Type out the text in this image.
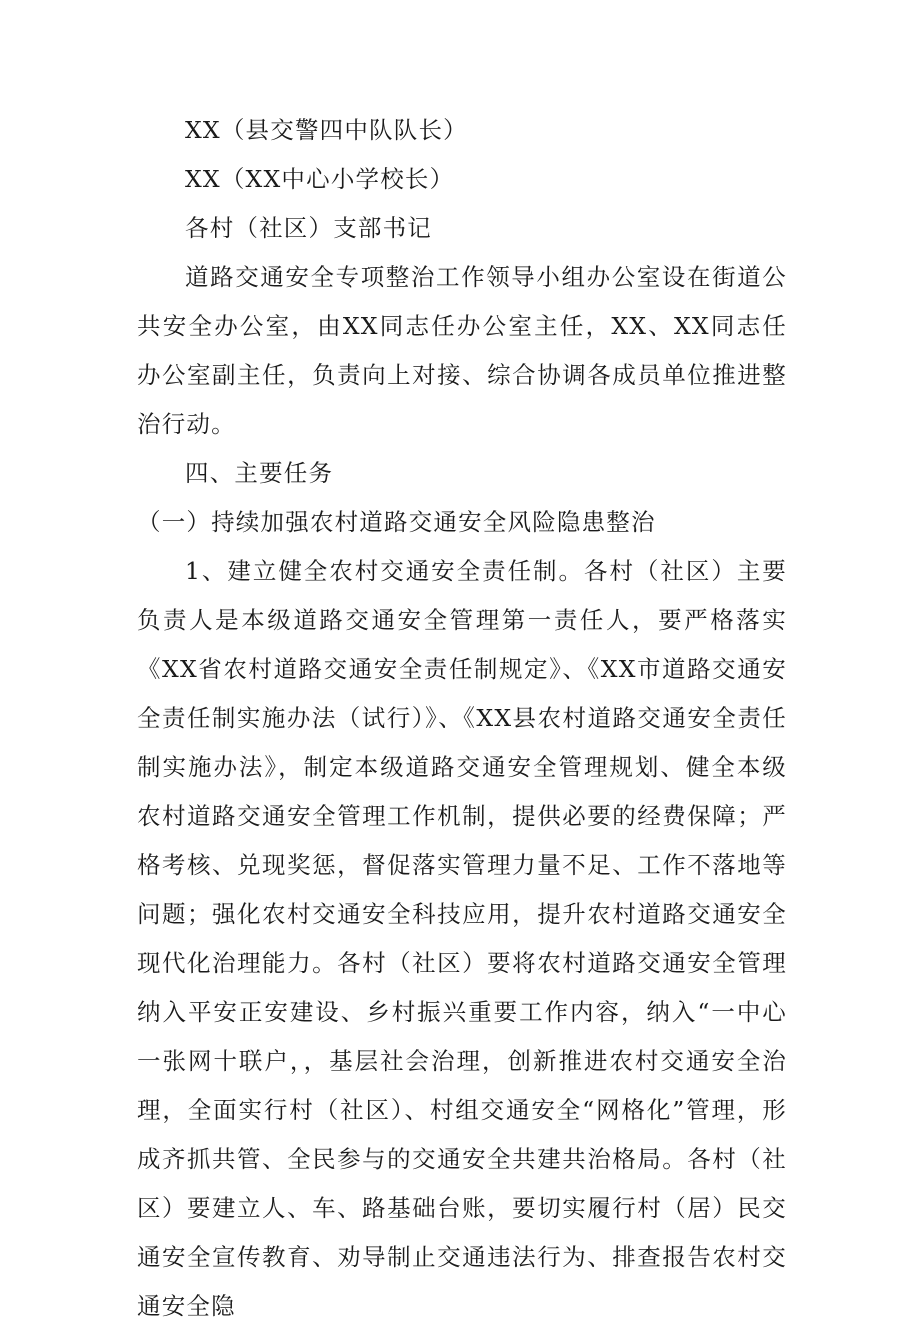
XX（县交警四中队队长）

XX（XX中心小学校长）

各村（社区）支部书记

道路交通安全专项整治工作领导小组办公室设在街道公共安全办公室，由XX同志任办公室主任，XX、XX同志任办公室副主任，负责向上对接、综合协调各成员单位推进整治行动。

四、主要任务

（一）持续加强农村道路交通安全风险隐患整治

1、建立健全农村交通安全责任制。各村（社区）主要负责人是本级道路交通安全管理第一责任人，要严格落实《XX省农村道路交通安全责任制规定》、《XX市道路交通安全责任制实施办法（试行）》、《XX县农村道路交通安全责任制实施办法》，制定本级道路交通安全管理规划、健全本级农村道路交通安全管理工作机制，提供必要的经费保障；严格考核、兑现奖惩，督促落实管理力量不足、工作不落地等问题；强化农村交通安全科技应用，提升农村道路交通安全现代化治理能力。各村（社区）要将农村道路交通安全管理纳入平安正安建设、乡村振兴重要工作内容，纳入“一中心一张网十联户，，基层社会治理，创新推进农村交通安全治理，全面实行村（社区）、村组交通安全“网格化”管理，形成齐抓共管、全民参与的交通安全共建共治格局。各村（社区）要建立人、车、路基础台账，要切实履行村（居）民交通安全宣传教育、劝导制止交通违法行为、排查报告农村交通安全隐
